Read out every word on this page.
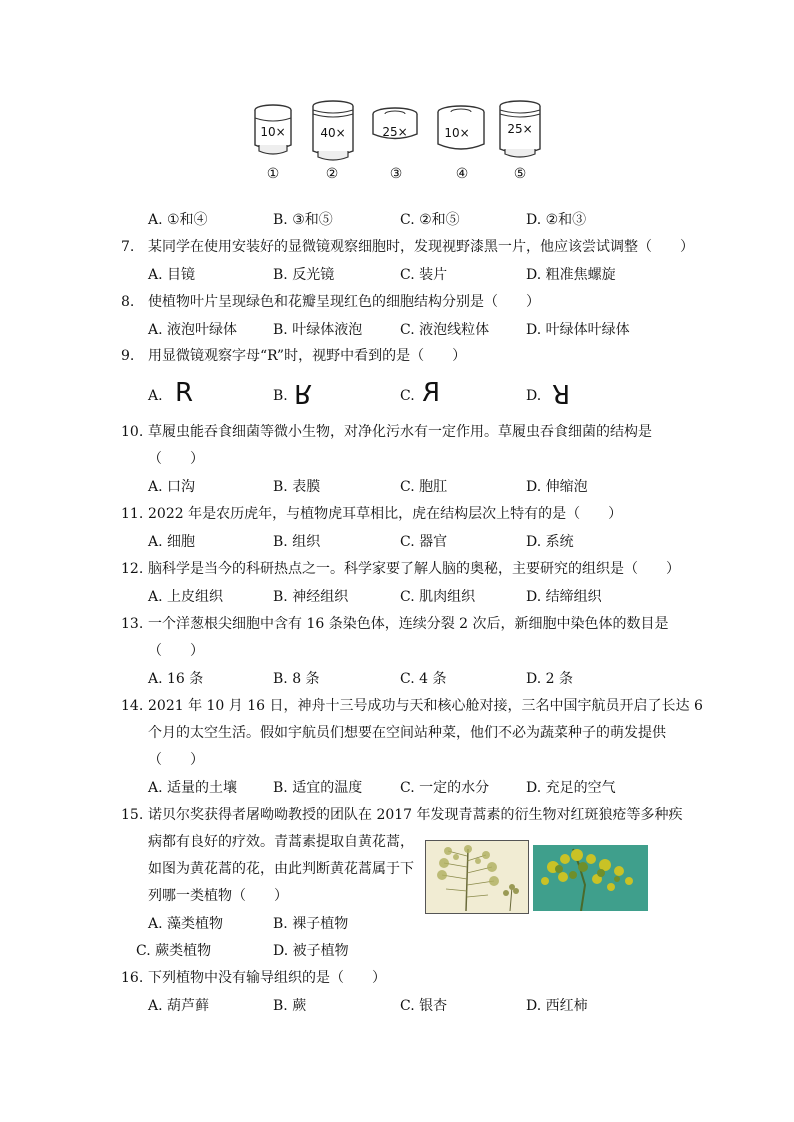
10×	40×	25×	10×	25×
①	②	③	④	⑤
A. ①和④	B. ③和⑤	C. ②和⑤	D. ②和③
7. 某同学在使用安装好的显微镜观察细胞时，发现视野漆黑一片，他应该尝试调整（　　）
A. 目镜	B. 反光镜	C. 装片	D. 粗准焦螺旋
8. 使植物叶片呈现绿色和花瓣呈现红色的细胞结构分别是（　　）
A. 液泡叶绿体	B. 叶绿体液泡	C. 液泡线粒体	D. 叶绿体叶绿体
9. 用显微镜观察字母“R”时，视野中看到的是（　　）
A. R	B. R	C. R	D. R
10. 草履虫能吞食细菌等微小生物，对净化污水有一定作用。草履虫吞食细菌的结构是
（　　）
A. 口沟	B. 表膜	C. 胞肛	D. 伸缩泡
11. 2022 年是农历虎年，与植物虎耳草相比，虎在结构层次上特有的是（　　）
A. 细胞	B. 组织	C. 器官	D. 系统
12. 脑科学是当今的科研热点之一。科学家要了解人脑的奥秘，主要研究的组织是（　　）
A. 上皮组织	B. 神经组织	C. 肌肉组织	D. 结缔组织
13. 一个洋葱根尖细胞中含有 16 条染色体，连续分裂 2 次后，新细胞中染色体的数目是
（　　）
A. 16 条	B. 8 条	C. 4 条	D. 2 条
14. 2021 年 10 月 16 日，神舟十三号成功与天和核心舱对接，三名中国宇航员开启了长达 6
个月的太空生活。假如宇航员们想要在空间站种菜，他们不必为蔬菜种子的萌发提供
（　　）
A. 适量的土壤	B. 适宜的温度	C. 一定的水分	D. 充足的空气
15. 诺贝尔奖获得者屠呦呦教授的团队在 2017 年发现青蒿素的衍生物对红斑狼疮等多种疾
病都有良好的疗效。青蒿素提取自黄花蒿，
如图为黄花蒿的花，由此判断黄花蒿属于下
列哪一类植物（　　）
A. 藻类植物	B. 裸子植物
C. 蕨类植物	D. 被子植物
16. 下列植物中没有输导组织的是（　　）
A. 葫芦藓	B. 蕨	C. 银杏	D. 西红柿
